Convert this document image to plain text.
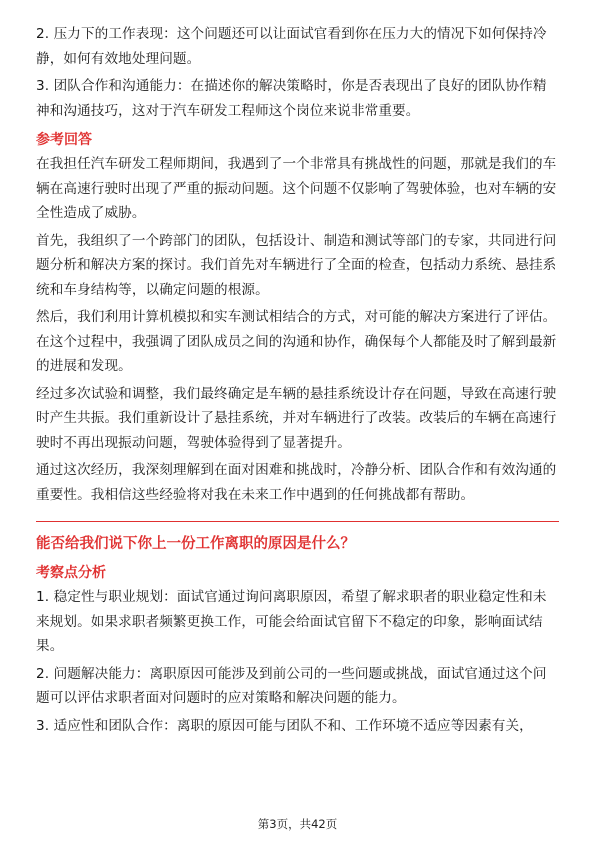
2. 压力下的工作表现：这个问题还可以让面试官看到你在压力大的情况下如何保持冷静，如何有效地处理问题。

3. 团队合作和沟通能力：在描述你的解决策略时，你是否表现出了良好的团队协作精神和沟通技巧，这对于汽车研发工程师这个岗位来说非常重要。

参考回答

在我担任汽车研发工程师期间，我遇到了一个非常具有挑战性的问题，那就是我们的车辆在高速行驶时出现了严重的振动问题。这个问题不仅影响了驾驶体验，也对车辆的安全性造成了威胁。

首先，我组织了一个跨部门的团队，包括设计、制造和测试等部门的专家，共同进行问题分析和解决方案的探讨。我们首先对车辆进行了全面的检查，包括动力系统、悬挂系统和车身结构等，以确定问题的根源。

然后，我们利用计算机模拟和实车测试相结合的方式，对可能的解决方案进行了评估。在这个过程中，我强调了团队成员之间的沟通和协作，确保每个人都能及时了解到最新的进展和发现。

经过多次试验和调整，我们最终确定是车辆的悬挂系统设计存在问题，导致在高速行驶时产生共振。我们重新设计了悬挂系统，并对车辆进行了改装。改装后的车辆在高速行驶时不再出现振动问题，驾驶体验得到了显著提升。

通过这次经历，我深刻理解到在面对困难和挑战时，冷静分析、团队合作和有效沟通的重要性。我相信这些经验将对我在未来工作中遇到的任何挑战都有帮助。

能否给我们说下你上一份工作离职的原因是什么？
考察点分析

1. 稳定性与职业规划：面试官通过询问离职原因，希望了解求职者的职业稳定性和未来规划。如果求职者频繁更换工作，可能会给面试官留下不稳定的印象，影响面试结果。

2. 问题解决能力：离职原因可能涉及到前公司的一些问题或挑战，面试官通过这个问题可以评估求职者面对问题时的应对策略和解决问题的能力。

3. 适应性和团队合作：离职的原因可能与团队不和、工作环境不适应等因素有关，

第3页，共42页
